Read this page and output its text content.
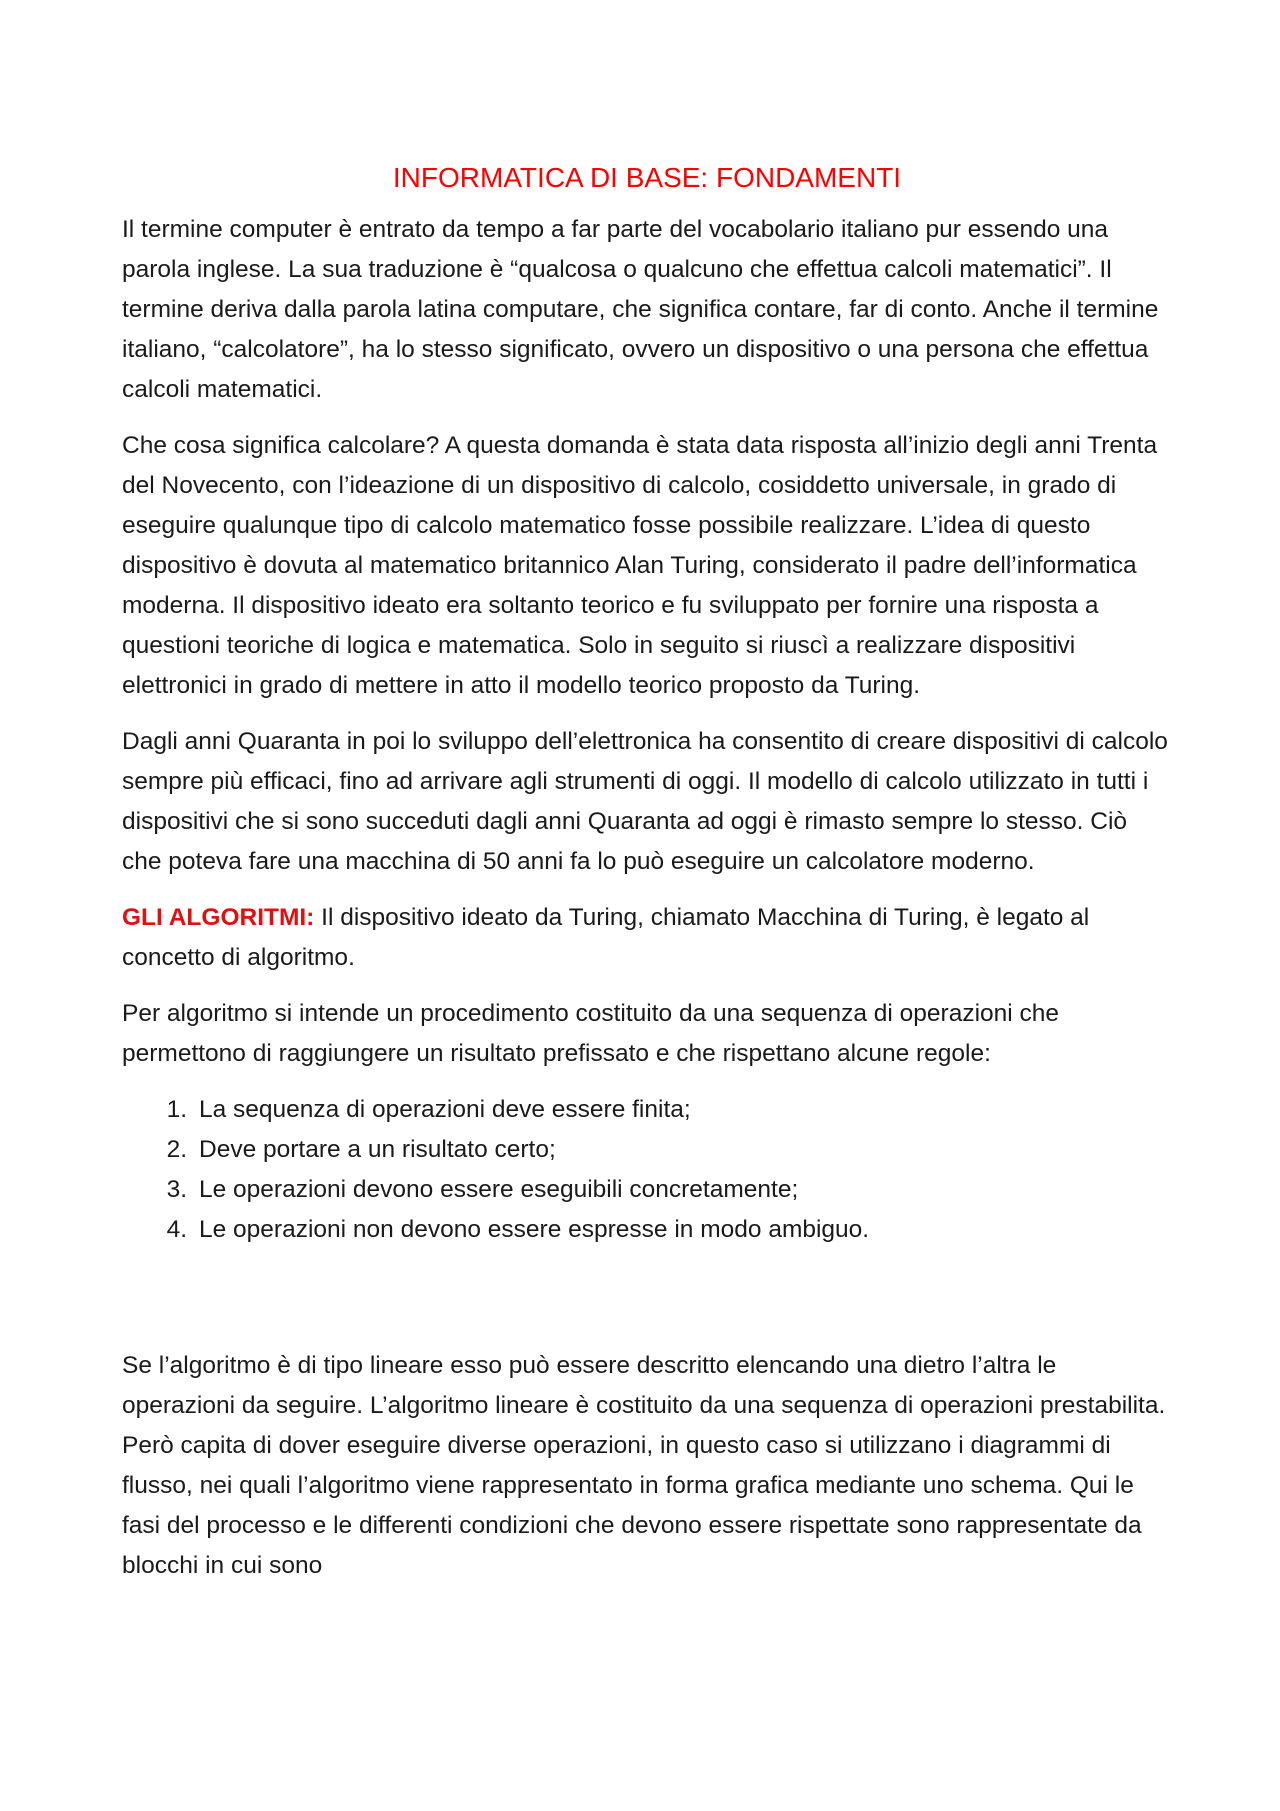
INFORMATICA DI BASE: FONDAMENTI

Il termine computer è entrato da tempo a far parte del vocabolario italiano pur essendo una parola inglese. La sua traduzione è “qualcosa o qualcuno che effettua calcoli matematici”. Il termine deriva dalla parola latina computare, che significa contare, far di conto. Anche il termine italiano, “calcolatore”, ha lo stesso significato, ovvero un dispositivo o una persona che effettua calcoli matematici.

Che cosa significa calcolare? A questa domanda è stata data risposta all’inizio degli anni Trenta del Novecento, con l’ideazione di un dispositivo di calcolo, cosiddetto universale, in grado di eseguire qualunque tipo di calcolo matematico fosse possibile realizzare. L’idea di questo dispositivo è dovuta al matematico britannico Alan Turing, considerato il padre dell’informatica moderna. Il dispositivo ideato era soltanto teorico e fu sviluppato per fornire una risposta a questioni teoriche di logica e matematica. Solo in seguito si riuscì a realizzare dispositivi elettronici in grado di mettere in atto il modello teorico proposto da Turing.

Dagli anni Quaranta in poi lo sviluppo dell’elettronica ha consentito di creare dispositivi di calcolo sempre più efficaci, fino ad arrivare agli strumenti di oggi. Il modello di calcolo utilizzato in tutti i dispositivi che si sono succeduti dagli anni Quaranta ad oggi è rimasto sempre lo stesso. Ciò che poteva fare una macchina di 50 anni fa lo può eseguire un calcolatore moderno.

GLI ALGORITMI: Il dispositivo ideato da Turing, chiamato Macchina di Turing, è legato al concetto di algoritmo.

Per algoritmo si intende un procedimento costituito da una sequenza di operazioni che permettono di raggiungere un risultato prefissato e che rispettano alcune regole:

1. La sequenza di operazioni deve essere finita;
2. Deve portare a un risultato certo;
3. Le operazioni devono essere eseguibili concretamente;
4. Le operazioni non devono essere espresse in modo ambiguo.

Se l’algoritmo è di tipo lineare esso può essere descritto elencando una dietro l’altra le operazioni da seguire. L’algoritmo lineare è costituito da una sequenza di operazioni prestabilita. Però capita di dover eseguire diverse operazioni, in questo caso si utilizzano i diagrammi di flusso, nei quali l’algoritmo viene rappresentato in forma grafica mediante uno schema. Qui le fasi del processo e le differenti condizioni che devono essere rispettate sono rappresentate da blocchi in cui sono
